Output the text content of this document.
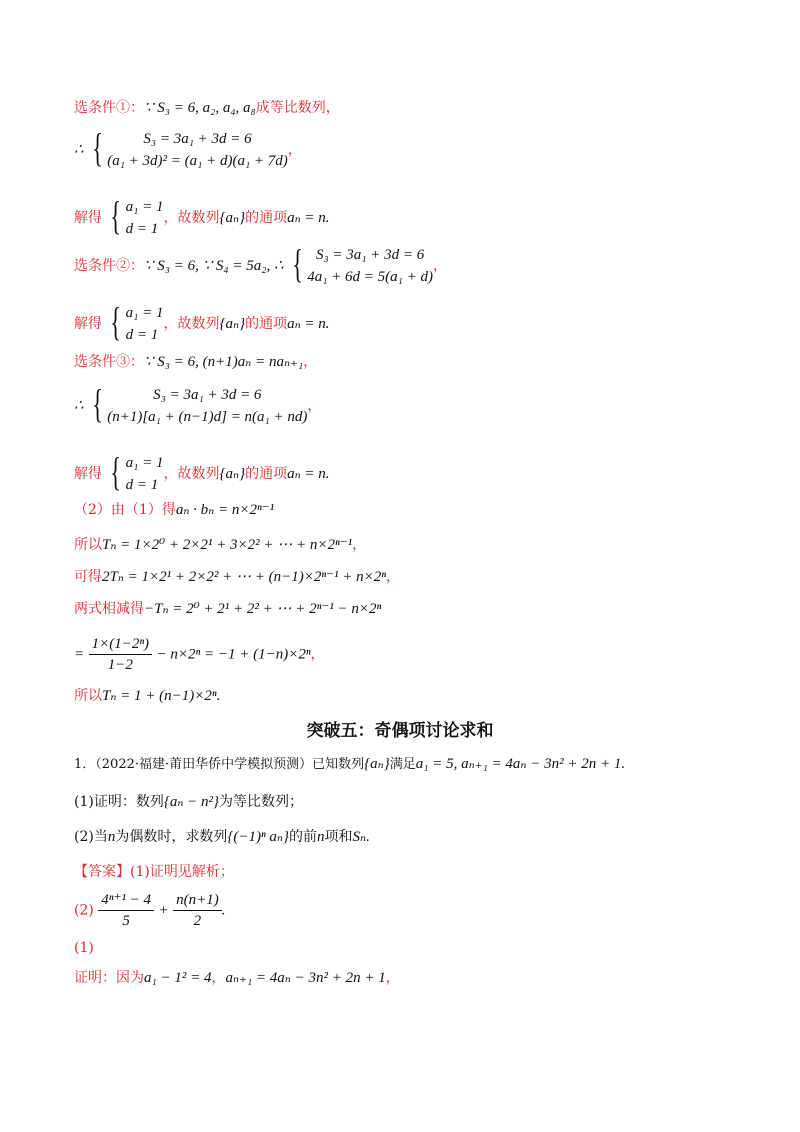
选条件①：∵ S₃ = 6, a₂, a₄, a₈成等比数列，
∴ {	S₃ = 3a₁ + 3d = 6
(a₁ + 3d)² = (a₁ + d)(a₁ + 7d)
，
解得 { a₁ = 1
d = 1
，故数列{aₙ}的通项aₙ = n.
选条件②：∵ S₃ = 6, ∵ S₄ = 5a₂, ∴ { S₃ = 3a₁ + 3d = 6
4a₁ + 6d = 5(a₁ + d)
，
解得 { a₁ = 1
d = 1
，故数列{aₙ}的通项aₙ = n.
选条件③：∵ S₃ = 6, (n+1)aₙ = naₙ₊₁，
∴ {	S₃ = 3a₁ + 3d = 6
(n+1)[a₁ + (n−1)d] = n(a₁ + nd)
，
解得 { a₁ = 1
d = 1
，故数列{aₙ}的通项aₙ = n.
（2）由（1）得aₙ · bₙ = n×2ⁿ⁻¹
所以Tₙ = 1×2⁰ + 2×2¹ + 3×2² + ⋯ + n×2ⁿ⁻¹，
可得2Tₙ = 1×2¹ + 2×2² + ⋯ + (n−1)×2ⁿ⁻¹ + n×2ⁿ，
两式相减得−Tₙ = 2⁰ + 2¹ + 2² + ⋯ + 2ⁿ⁻¹ − n×2ⁿ
= $\frac{\text{1×(1−2ⁿ)}}{1-2} - n\times 2^n = -1 + (1-n)\times 2^n$，
所以Tₙ = 1 + (n−1)×2ⁿ.
突破五：奇偶项讨论求和
1．（2022·福建·莆田华侨中学模拟预测）已知数列{aₙ}满足a₁ = 5, aₙ₊₁ = 4aₙ − 3n² + 2n + 1.
(1)证明：数列{aₙ − n²}为等比数列；
(2)当n为偶数时，求数列{(−1)ⁿ aₙ}的前n项和Sₙ.
【答案】(1)证明见解析；
$(2) \frac{\text{4ⁿ⁺¹ − 4}}{5} + \frac{n(n+1)}{2}$ .
(1)
证明：因为a₁ − 1² = 4，aₙ₊₁ = 4aₙ − 3n² + 2n + 1，
